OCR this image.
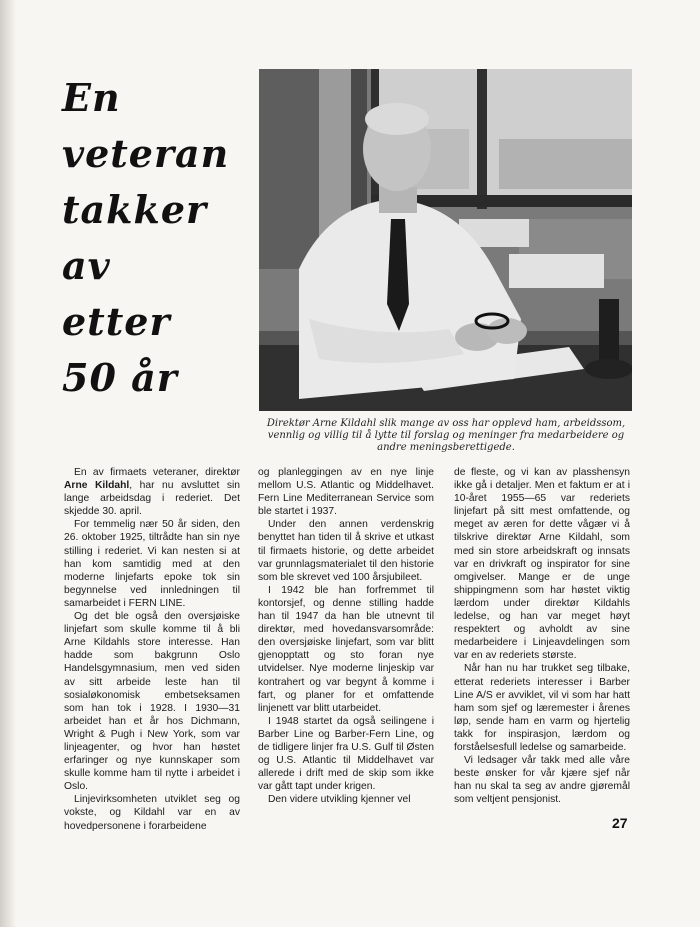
En
veteran
takker
av
etter
50 år
Direktør Arne Kildahl slik mange av oss har opplevd ham, arbeidssom, vennlig og villig til å lytte til forslag og meninger fra medarbeidere og andre meningsberettigede.

En av firmaets veteraner, direktør Arne Kildahl, har nu avsluttet sin lange arbeidsdag i rederiet. Det skjedde 30. april.

For temmelig nær 50 år siden, den 26. oktober 1925, tiltrådte han sin nye stilling i rederiet. Vi kan nesten si at han kom samtidig med at den moderne linjefarts epoke tok sin begynnelse ved innledningen til samarbeidet i FERN LINE.

Og det ble også den oversjøiske linjefart som skulle komme til å bli Arne Kildahls store interesse. Han hadde som bakgrunn Oslo Handelsgymnasium, men ved siden av sitt arbeide leste han til sosialøkonomisk embetseksamen som han tok i 1928. I 1930—31 arbeidet han et år hos Dichmann, Wright & Pugh i New York, som var linjeagenter, og hvor han høstet erfaringer og nye kunnskaper som skulle komme ham til nytte i arbeidet i Oslo.

Linjevirksomheten utviklet seg og vokste, og Kildahl var en av hovedpersonene i forarbeidene

og planleggingen av en nye linje mellom U.S. Atlantic og Middelhavet. Fern Line Mediterranean Service som ble startet i 1937.

Under den annen verdenskrig benyttet han tiden til å skrive et utkast til firmaets historie, og dette arbeidet var grunnlagsmaterialet til den historie som ble skrevet ved 100 årsjubileet.

I 1942 ble han forfremmet til kontorsjef, og denne stilling hadde han til 1947 da han ble utnevnt til direktør, med hovedansvarsområde: den oversjøiske linjefart, som var blitt gjenopptatt og sto foran nye utvidelser. Nye moderne linjeskip var kontrahert og var begynt å komme i fart, og planer for et omfattende linjenett var blitt utarbeidet.

I 1948 startet da også seilingene i Barber Line og Barber-Fern Line, og de tidligere linjer fra U.S. Gulf til Østen og U.S. Atlantic til Middelhavet var allerede i drift med de skip som ikke var gått tapt under krigen.

Den videre utvikling kjenner vel

de fleste, og vi kan av plasshensyn ikke gå i detaljer. Men et faktum er at i 10-året 1955—65 var rederiets linjefart på sitt mest omfattende, og meget av æren for dette vågær vi å tilskrive direktør Arne Kildahl, som med sin store arbeidskraft og innsats var en drivkraft og inspirator for sine omgivelser. Mange er de unge shippingmenn som har høstet viktig lærdom under direktør Kildahls ledelse, og han var meget høyt respektert og avholdt av sine medarbeidere i Linjeavdelingen som var en av rederiets største.

Når han nu har trukket seg tilbake, etterat rederiets interesser i Barber Line A/S er avviklet, vil vi som har hatt ham som sjef og læremester i årenes løp, sende ham en varm og hjertelig takk for inspirasjon, lærdom og forståelsesfull ledelse og samarbeide.

Vi ledsager vår takk med alle våre beste ønsker for vår kjære sjef når han nu skal ta seg av andre gjøremål som veltjent pensjonist.

27
